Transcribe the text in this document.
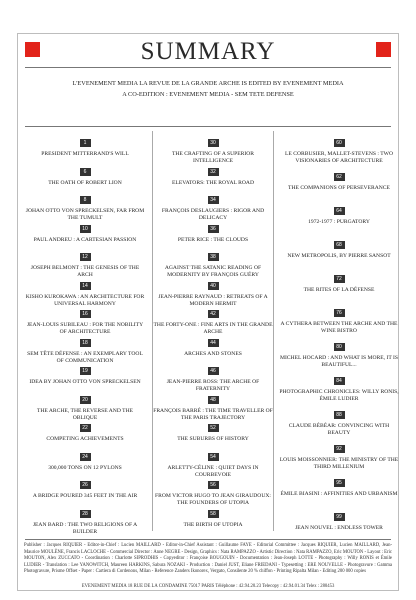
SUMMARY
L'EVENEMENT MEDIA LA REVUE DE LA GRANDE ARCHE IS EDITED BY EVENEMENT MEDIA
A CO-EDITION : EVENEMENT MEDIA - SEM TETE DEFENSE
1
PRESIDENT MITTERRAND'S WILL
6
THE OATH OF ROBERT LION
8
JOHAN OTTO VON SPRECKELSEN, FAR FROM THE TUMULT
10
PAUL ANDREU : A CARTESIAN PASSION
12
JOSEPH BELMONT : THE GENESIS OF THE ARCH
14
KISHO KUROKAWA : AN ARCHITECTURE FOR UNIVERSAL HARMONY
16
JEAN-LOUIS SUBILEAU : FOR THE NOBILITY OF ARCHITECTURE
18
SEM TÊTE DÉFENSE : AN EXEMPLARY TOOL OF COMMUNICATION
19
IDEA BY JOHAN OTTO VON SPRECKELSEN
20
THE ARCHE, THE REVERSE AND THE OBLIQUE
22
COMPETING ACHIEVEMENTS
24
300,000 TONS ON 12 PYLONS
26
A BRIDGE POURED 345 FEET IN THE AIR
28
JEAN BARD : THE TWO RELIGIONS OF A BUILDER
30
THE CRAFTING OF A SUPERIOR INTELLIGENCE
32
ELEVATORS: THE ROYAL ROAD
34
FRANÇOIS DESLAUGIERS : RIGOR AND DELICACY
36
PETER RICE : THE CLOUDS
38
AGAINST THE SATANIC READING OF MODERNITY BY FRANÇOIS GUÉRY
40
JEAN-PIERRE RAYNAUD : RETREATS OF A MODERN HERMIT
42
THE FORTY-ONE : FINE ARTS IN THE GRANDE ARCHE
44
ARCHES AND STONES
46
JEAN-PIERRE ROSS: THE ARCHE OF FRATERNITY
48
FRANÇOIS BARRÉ : THE TIME TRAVELLER OF THE PARIS TRAJECTORY
52
THE SUBURBS OF HISTORY
54
ARLETTY-CÉLINE : QUIET DAYS IN COURBEVOIE
56
FROM VICTOR HUGO TO JEAN GIRAUDOUX: THE FOUNDERS OF UTOPIA
58
THE BIRTH OF UTOPIA
60
LE CORBUSIER, MALLET-STEVENS : TWO VISIONARIES OF ARCHITECTURE
62
THE COMPANIONS OF PERSEVERANCE
64
1972-1977 : PURGATORY
68
NEW METROPOLIS, BY PIERRE SANSOT
72
THE RITES OF LA DÉFENSE
76
A CYTHERA BETWEEN THE ARCHE AND THE WINE BISTRO
80
MICHEL HOCARD : AND WHAT IS MORE, IT IS BEAUTIFUL...
84
PHOTOGRAPHIC CHRONICLES: WILLY RONIS, ÉMILE LUDIER
88
CLAUDE BÉBÉAR: CONVINCING WITH BEAUTY
92
LOUIS MOISSONNIER: THE MINISTRY OF THE THIRD MILLENIUM
95
ÉMILE BIASINI : AFFINITIES AND URBANISM
99
JEAN NOUVEL : ENDLESS TOWER
Publisher : Jacques RIQUIER - Editor-in-Chief : Lucien MAILLARD - Editor-in-Chief Assistant : Guillaume FAYE - Editorial Committee : Jacques RIQUIER, Lucien MAILLARD, Jean-Maurice MOULÈNE, Francis LACLOCHE - Commercial Director : Anne NEGRE - Design, Graphics : Nata RAMPAZZO - Artistic Direction : Nata RAMPAZZO, Eric MOUTON - Layout : Eric MOUTON, Alex ZUCCATO - Coordination : Charlotte SIPRODHIS - Copyeditor : Françoise BOUGOUIN - Documentation : Jean-Joseph LOTTE - Photography : Willy RONIS et Émile LUDIER - Translation : Lee YANOWITCH, Maureen HARKINS, Sabura NOZAKI - Production : Daniel JUST, Eliane FRIEDANI - Typesetting : ERE NOUVELLE - Photogravure : Gamma Photogravure, Prisme Offset - Paper : Cartiera di Cordenons, Milan - Reference Zanders Ikonorex, Vergato, Consilente 20 % chiffon - Printing Ripalta Milan - Editing 200 000 copies
EVENEMENT MEDIA 18 RUE DE LA CONDAMINE 75017 PARIS Téléphone : 42.94.20.23 Telecopy : 42.94.01.34 Telex : 280453
